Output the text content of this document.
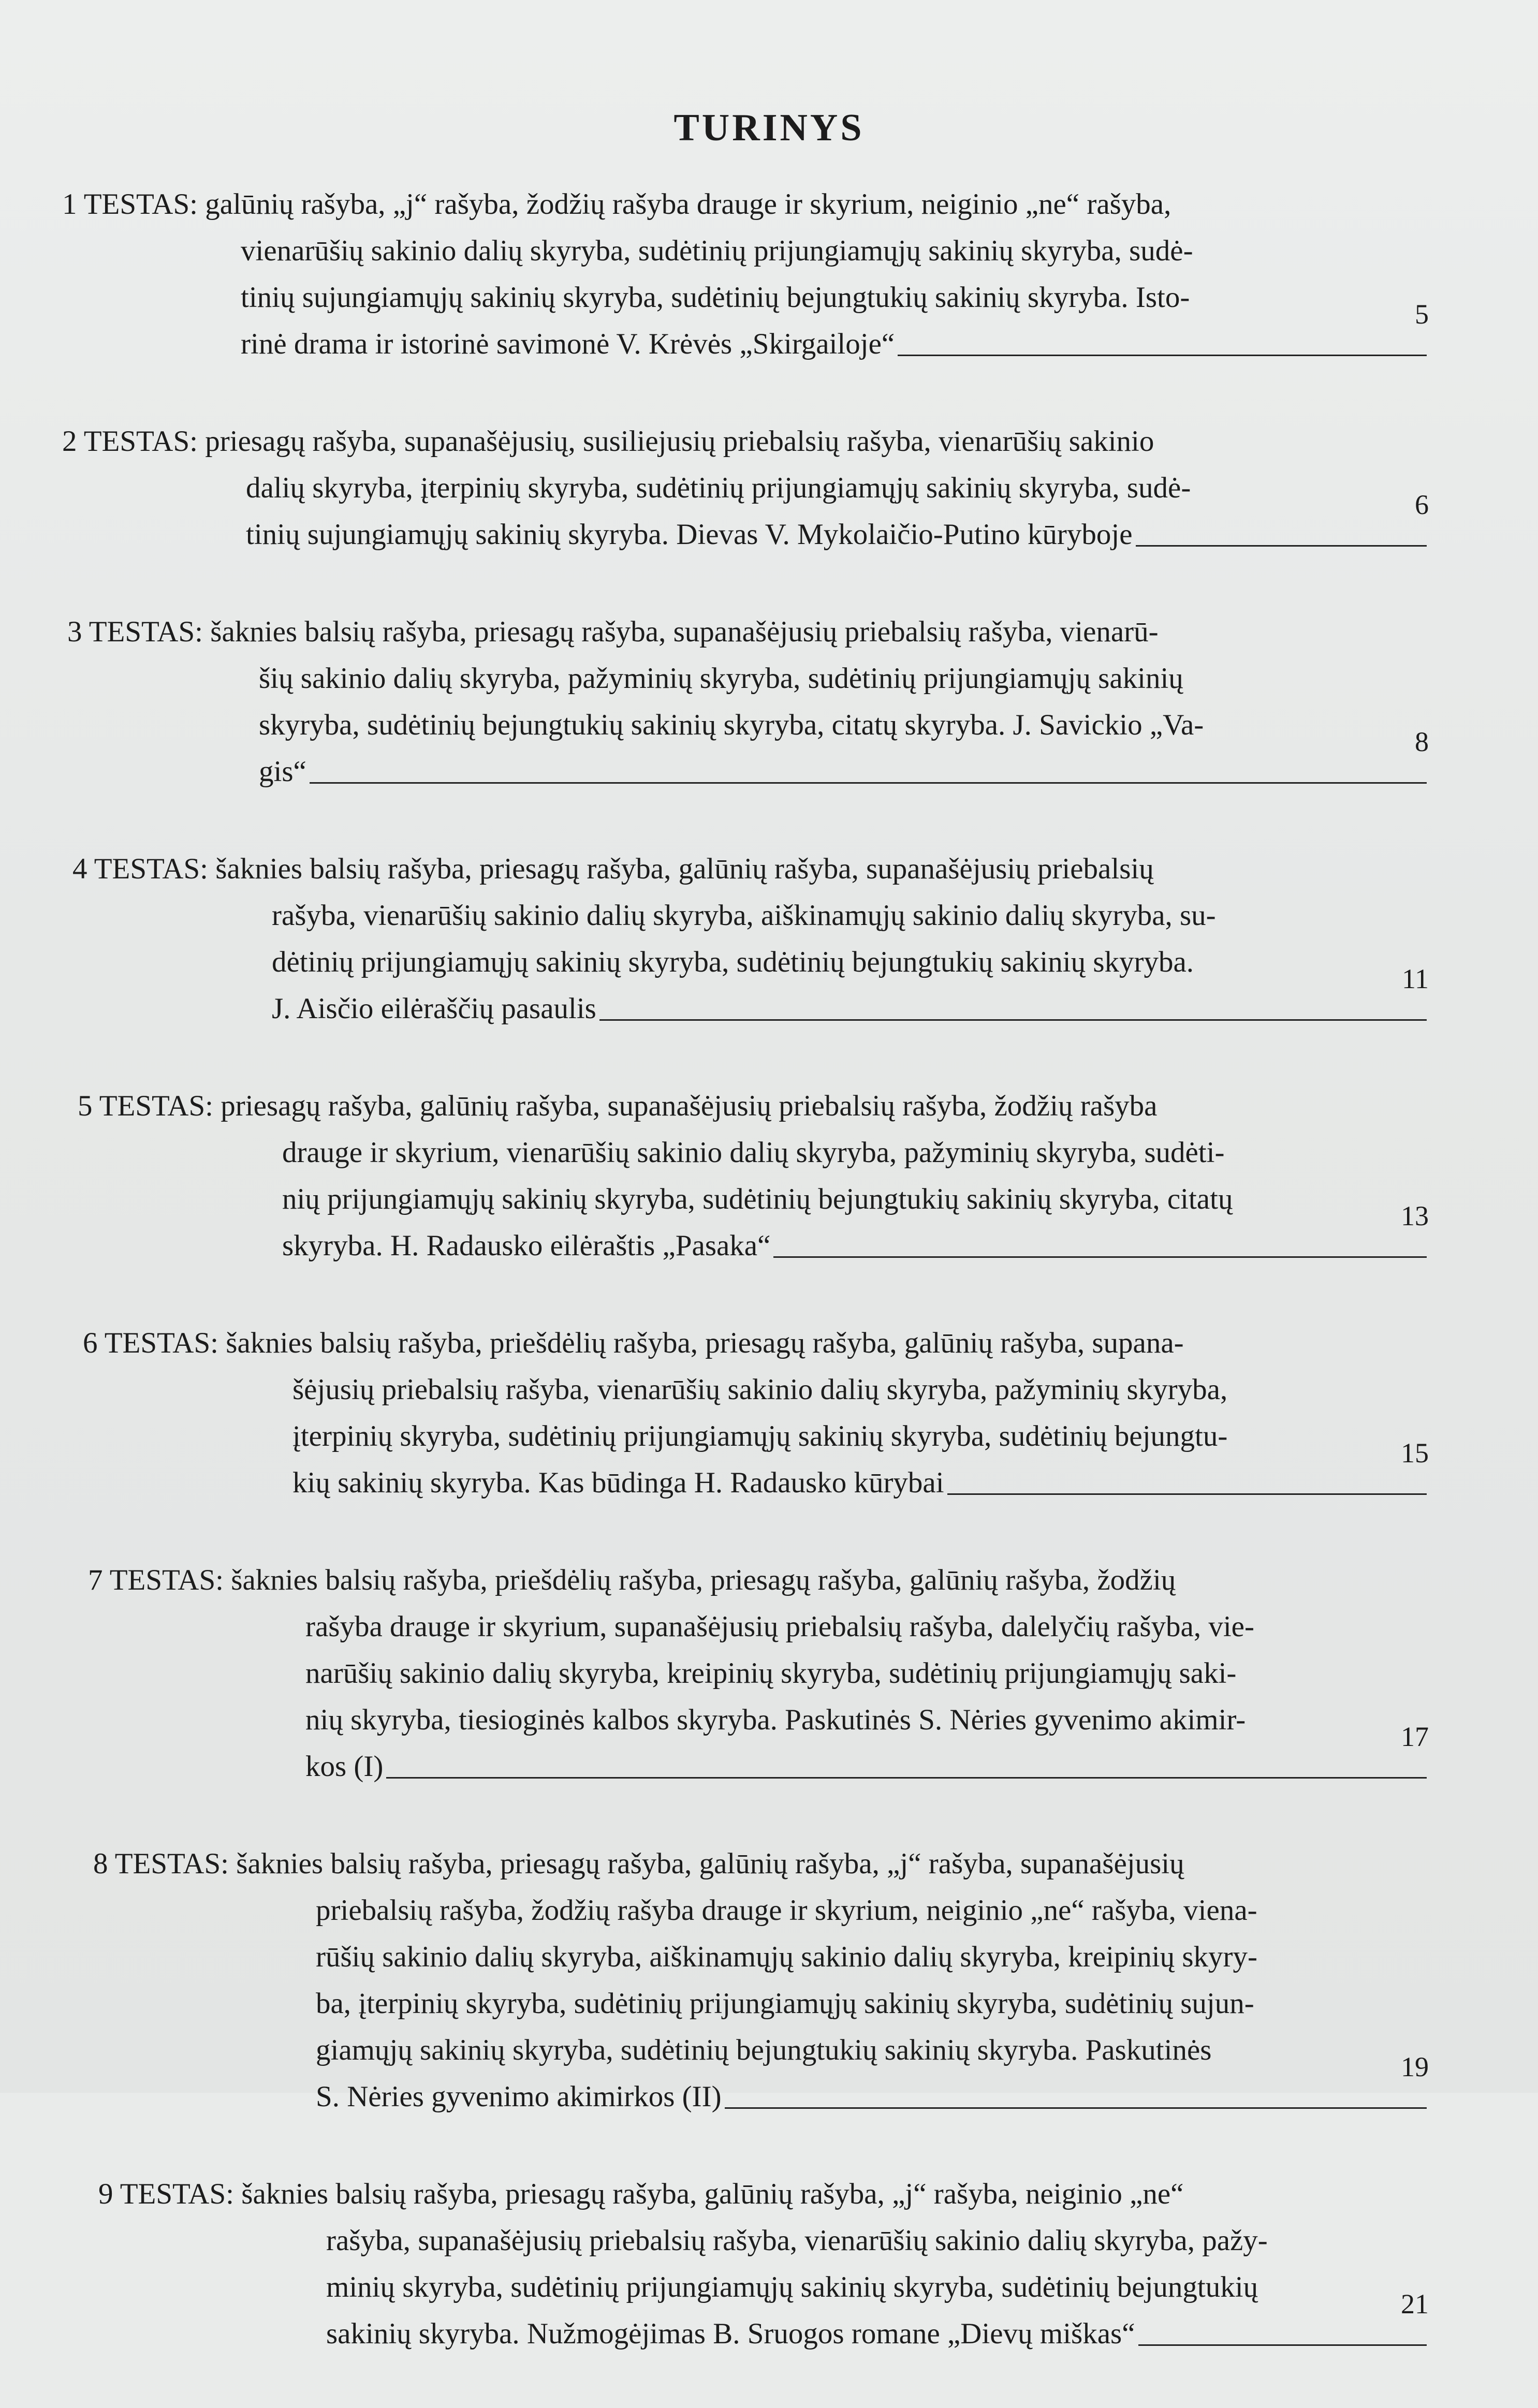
TURINYS
1 TESTAS: galūnių rašyba, „j“ rašyba, žodžių rašyba drauge ir skyrium, neiginio „ne“ rašyba,
vienarūšių sakinio dalių skyryba, sudėtinių prijungiamųjų sakinių skyryba, sudė-
tinių sujungiamųjų sakinių skyryba, sudėtinių bejungtukių sakinių skyryba. Isto-
rinė drama ir istorinė savimonė V. Krėvės „Skirgailoje“
5
2 TESTAS: priesagų rašyba, supanašėjusių, susiliejusių priebalsių rašyba, vienarūšių sakinio
dalių skyryba, įterpinių skyryba, sudėtinių prijungiamųjų sakinių skyryba, sudė-
tinių sujungiamųjų sakinių skyryba. Dievas V. Mykolaičio-Putino kūryboje
6
3 TESTAS: šaknies balsių rašyba, priesagų rašyba, supanašėjusių priebalsių rašyba, vienarū-
šių sakinio dalių skyryba, pažyminių skyryba, sudėtinių prijungiamųjų sakinių
skyryba, sudėtinių bejungtukių sakinių skyryba, citatų skyryba. J. Savickio „Va-
gis“
8
4 TESTAS: šaknies balsių rašyba, priesagų rašyba, galūnių rašyba, supanašėjusių priebalsių
rašyba, vienarūšių sakinio dalių skyryba, aiškinamųjų sakinio dalių skyryba, su-
dėtinių prijungiamųjų sakinių skyryba, sudėtinių bejungtukių sakinių skyryba.
J. Aisčio eilėraščių pasaulis
11
5 TESTAS: priesagų rašyba, galūnių rašyba, supanašėjusių priebalsių rašyba, žodžių rašyba
drauge ir skyrium, vienarūšių sakinio dalių skyryba, pažyminių skyryba, sudėti-
nių prijungiamųjų sakinių skyryba, sudėtinių bejungtukių sakinių skyryba, citatų
skyryba. H. Radausko eilėraštis „Pasaka“
13
6 TESTAS: šaknies balsių rašyba, priešdėlių rašyba, priesagų rašyba, galūnių rašyba, supana-
šėjusių priebalsių rašyba, vienarūšių sakinio dalių skyryba, pažyminių skyryba,
įterpinių skyryba, sudėtinių prijungiamųjų sakinių skyryba, sudėtinių bejungtu-
kių sakinių skyryba. Kas būdinga H. Radausko kūrybai
15
7 TESTAS: šaknies balsių rašyba, priešdėlių rašyba, priesagų rašyba, galūnių rašyba, žodžių
rašyba drauge ir skyrium, supanašėjusių priebalsių rašyba, dalelyčių rašyba, vie-
narūšių sakinio dalių skyryba, kreipinių skyryba, sudėtinių prijungiamųjų saki-
nių skyryba, tiesioginės kalbos skyryba. Paskutinės S. Nėries gyvenimo akimir-
kos (I)
17
8 TESTAS: šaknies balsių rašyba, priesagų rašyba, galūnių rašyba, „j“ rašyba, supanašėjusių
priebalsių rašyba, žodžių rašyba drauge ir skyrium, neiginio „ne“ rašyba, viena-
rūšių sakinio dalių skyryba, aiškinamųjų sakinio dalių skyryba, kreipinių skyry-
ba, įterpinių skyryba, sudėtinių prijungiamųjų sakinių skyryba, sudėtinių sujun-
giamųjų sakinių skyryba, sudėtinių bejungtukių sakinių skyryba. Paskutinės
S. Nėries gyvenimo akimirkos (II)
19
9 TESTAS: šaknies balsių rašyba, priesagų rašyba, galūnių rašyba, „j“ rašyba, neiginio „ne“
rašyba, supanašėjusių priebalsių rašyba, vienarūšių sakinio dalių skyryba, pažy-
minių skyryba, sudėtinių prijungiamųjų sakinių skyryba, sudėtinių bejungtukių
sakinių skyryba. Nužmogėjimas B. Sruogos romane „Dievų miškas“
21
